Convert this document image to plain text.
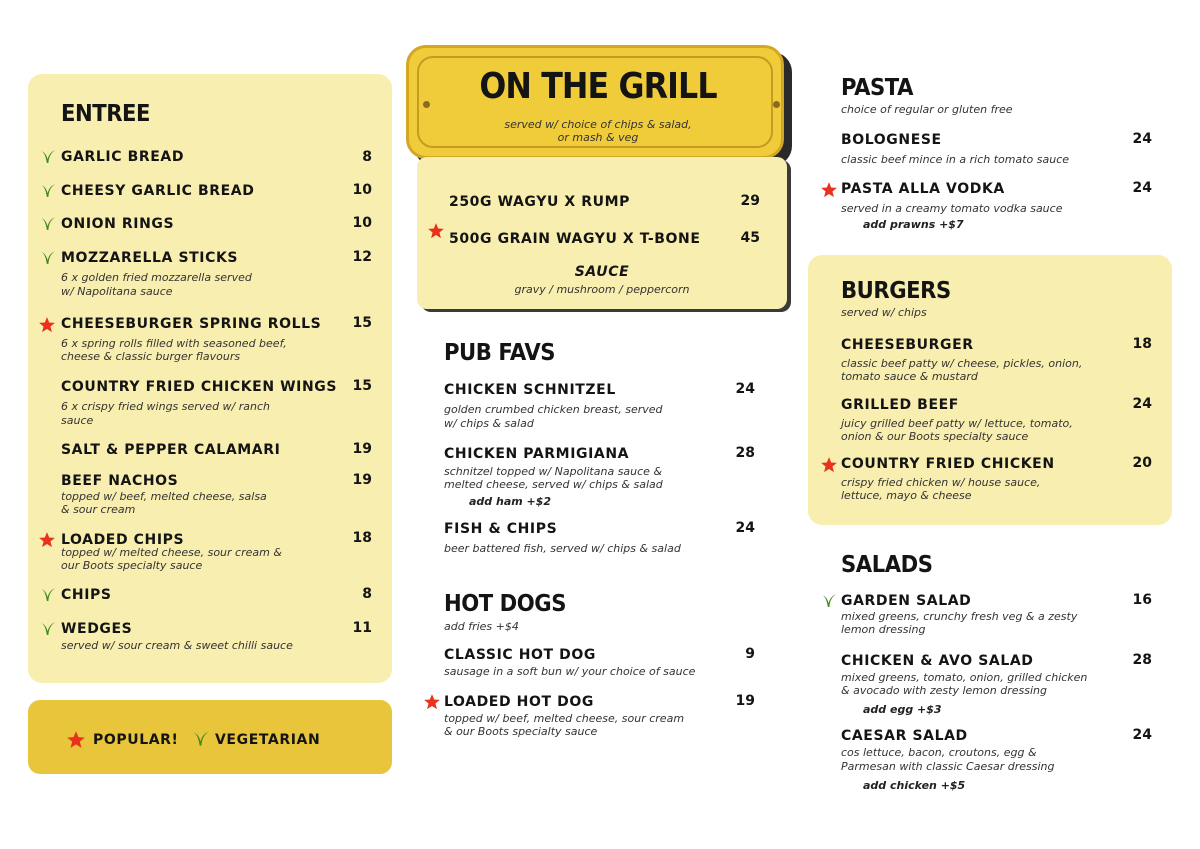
ENTREE
GARLIC BREAD	8
CHEESY GARLIC BREAD	10
ONION RINGS	10
MOZZARELLA STICKS	12
6 x golden fried mozzarella served
w/ Napolitana sauce
CHEESEBURGER SPRING ROLLS	15
6 x spring rolls filled with seasoned beef,
cheese & classic burger flavours
COUNTRY FRIED CHICKEN WINGS	15
6 x crispy fried wings served w/ ranch
sauce
SALT & PEPPER CALAMARI	19
BEEF NACHOS	19
topped w/ beef, melted cheese, salsa
& sour cream
LOADED CHIPS	18
topped w/ melted cheese, sour cream &
our Boots specialty sauce
CHIPS	8
WEDGES	11
served w/ sour cream & sweet chilli sauce
POPULAR!	VEGETARIAN
ON THE GRILL
served w/ choice of chips & salad,
or mash & veg
250G WAGYU X RUMP	29
500G GRAIN WAGYU X T-BONE	45
SAUCE
gravy / mushroom / peppercorn
PUB FAVS
CHICKEN SCHNITZEL	24
golden crumbed chicken breast, served
w/ chips & salad
CHICKEN PARMIGIANA	28
schnitzel topped w/ Napolitana sauce &
melted cheese, served w/ chips & salad
add ham +$2
FISH & CHIPS	24
beer battered fish, served w/ chips & salad
HOT DOGS
add fries +$4
CLASSIC HOT DOG	9
sausage in a soft bun w/ your choice of sauce
LOADED HOT DOG	19
topped w/ beef, melted cheese, sour cream
& our Boots specialty sauce
PASTA
choice of regular or gluten free
BOLOGNESE	24
classic beef mince in a rich tomato sauce
PASTA ALLA VODKA	24
served in a creamy tomato vodka sauce
add prawns +$7
BURGERS
served w/ chips
CHEESEBURGER	18
classic beef patty w/ cheese, pickles, onion,
tomato sauce & mustard
GRILLED BEEF	24
juicy grilled beef patty w/ lettuce, tomato,
onion & our Boots specialty sauce
COUNTRY FRIED CHICKEN	20
crispy fried chicken w/ house sauce,
lettuce, mayo & cheese
SALADS
GARDEN SALAD	16
mixed greens, crunchy fresh veg & a zesty
lemon dressing
CHICKEN & AVO SALAD	28
mixed greens, tomato, onion, grilled chicken
& avocado with zesty lemon dressing
add egg +$3
CAESAR SALAD	24
cos lettuce, bacon, croutons, egg &
Parmesan with classic Caesar dressing
add chicken +$5
